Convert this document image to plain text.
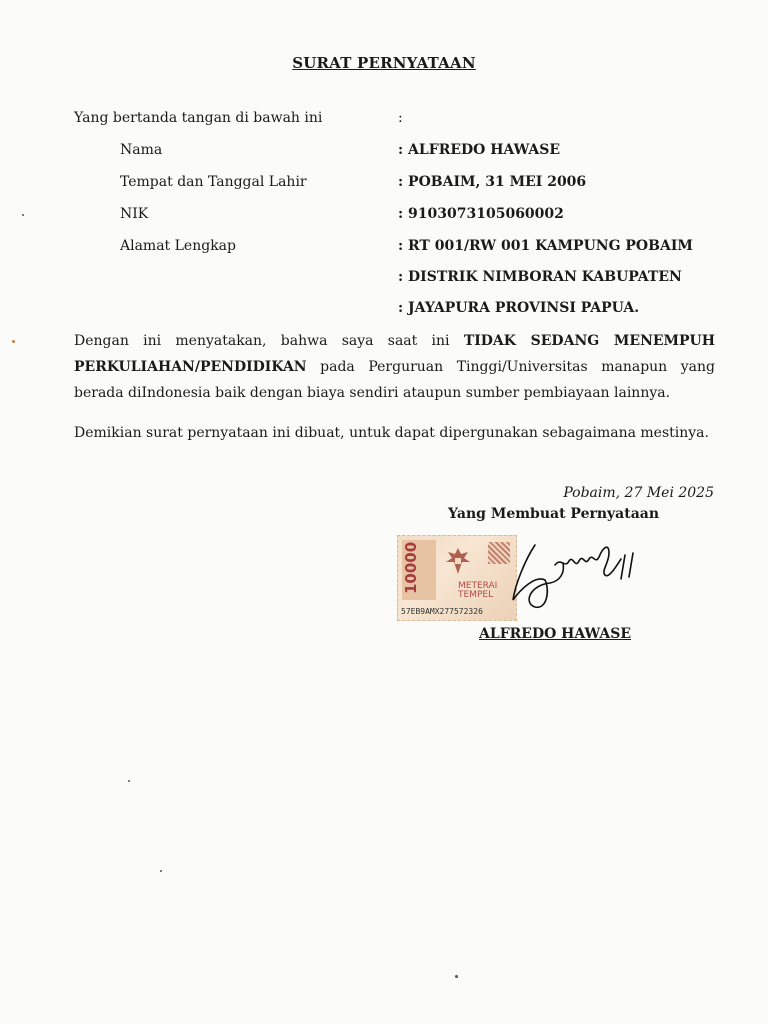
SURAT PERNYATAAN
Yang bertanda tangan di bawah ini	:
Nama	: ALFREDO HAWASE
Tempat dan Tanggal Lahir	: POBAIM, 31 MEI 2006
NIK	: 9103073105060002
Alamat Lengkap	: RT 001/RW 001 KAMPUNG POBAIM
: DISTRIK NIMBORAN KABUPATEN
: JAYAPURA PROVINSI PAPUA.
Dengan ini menyatakan, bahwa saya saat ini TIDAK SEDANG MENEMPUH PERKULIAHAN/PENDIDIKAN pada Perguruan Tinggi/Universitas manapun yang berada diIndonesia baik dengan biaya sendiri ataupun sumber pembiayaan lainnya.
Demikian surat pernyataan ini dibuat, untuk dapat dipergunakan sebagaimana mestinya.
Pobaim, 27 Mei 2025
Yang Membuat Pernyataan
10000	METERAI
TEMPEL
57EB9AMX277572326
ALFREDO HAWASE
